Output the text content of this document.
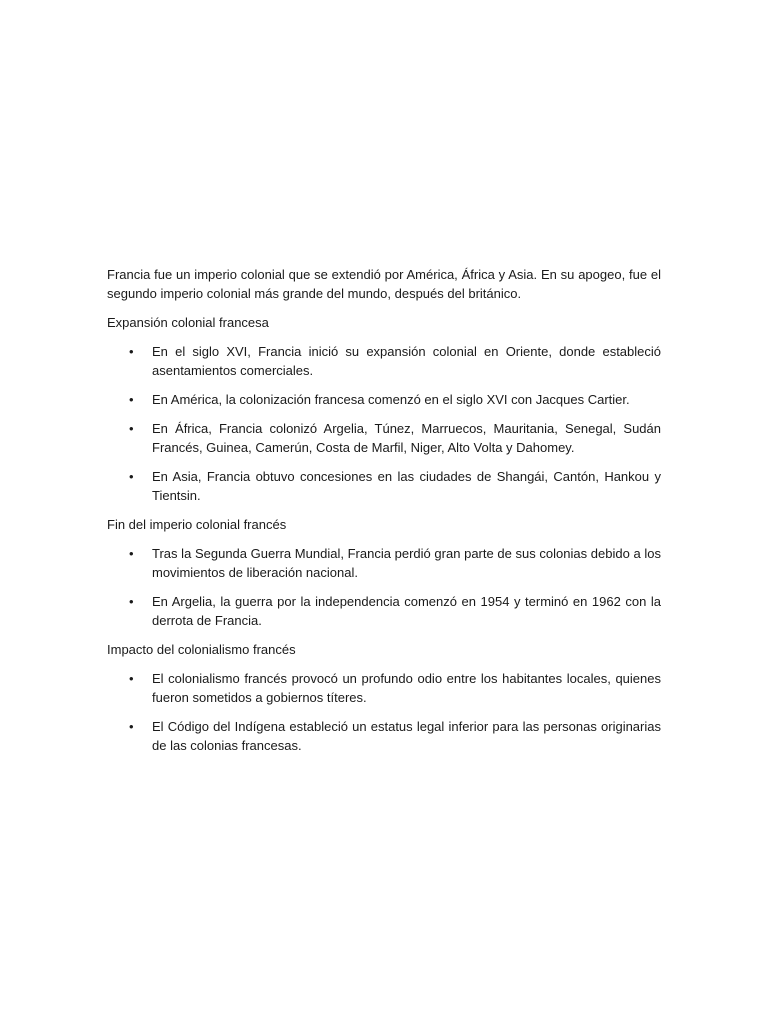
Francia fue un imperio colonial que se extendió por América, África y Asia. En su apogeo, fue el segundo imperio colonial más grande del mundo, después del británico.

Expansión colonial francesa

• En el siglo XVI, Francia inició su expansión colonial en Oriente, donde estableció asentamientos comerciales.
• En América, la colonización francesa comenzó en el siglo XVI con Jacques Cartier.
• En África, Francia colonizó Argelia, Túnez, Marruecos, Mauritania, Senegal, Sudán Francés, Guinea, Camerún, Costa de Marfil, Niger, Alto Volta y Dahomey.
• En Asia, Francia obtuvo concesiones en las ciudades de Shangái, Cantón, Hankou y Tientsin.

Fin del imperio colonial francés

• Tras la Segunda Guerra Mundial, Francia perdió gran parte de sus colonias debido a los movimientos de liberación nacional.
• En Argelia, la guerra por la independencia comenzó en 1954 y terminó en 1962 con la derrota de Francia.

Impacto del colonialismo francés

• El colonialismo francés provocó un profundo odio entre los habitantes locales, quienes fueron sometidos a gobiernos títeres.
• El Código del Indígena estableció un estatus legal inferior para las personas originarias de las colonias francesas.
